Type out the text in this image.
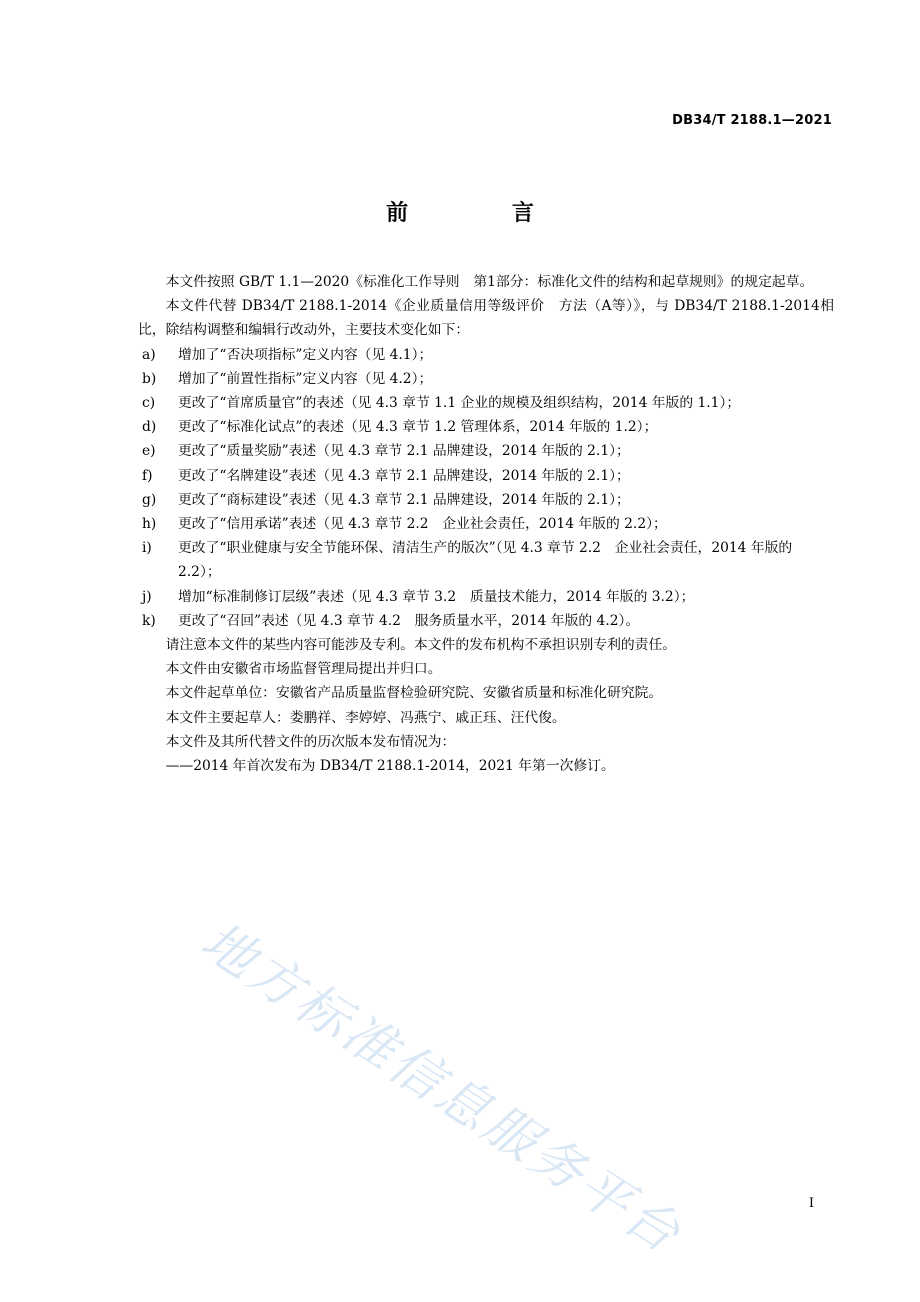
DB34/T 2188.1—2021
前 言

本文件按照 GB/T 1.1—2020《标准化工作导则　第1部分：标准化文件的结构和起草规则》的规定起草。

本文件代替 DB34/T 2188.1-2014《企业质量信用等级评价　方法（A等）》，与 DB34/T 2188.1-2014相比，除结构调整和编辑行改动外，主要技术变化如下：

a)	增加了“否决项指标”定义内容（见 4.1）；
b)	增加了“前置性指标”定义内容（见 4.2）；
c)	更改了“首席质量官”的表述（见 4.3 章节 1.1 企业的规模及组织结构，2014 年版的 1.1）；
d)	更改了“标准化试点”的表述（见 4.3 章节 1.2 管理体系，2014 年版的 1.2）；
e)	更改了“质量奖励”表述（见 4.3 章节 2.1 品牌建设，2014 年版的 2.1）；
f)	更改了“名牌建设”表述（见 4.3 章节 2.1 品牌建设，2014 年版的 2.1）；
g)	更改了“商标建设”表述（见 4.3 章节 2.1 品牌建设，2014 年版的 2.1）；
h)	更改了“信用承诺”表述（见 4.3 章节 2.2　企业社会责任，2014 年版的 2.2）；
i)	更改了“职业健康与安全节能环保、清洁生产的版次”（见 4.3 章节 2.2　企业社会责任，2014 年版的 2.2）；
j)	增加“标准制修订层级”表述（见 4.3 章节 3.2　质量技术能力，2014 年版的 3.2）；
k)	更改了“召回”表述（见 4.3 章节 4.2　服务质量水平，2014 年版的 4.2）。

请注意本文件的某些内容可能涉及专利。本文件的发布机构不承担识别专利的责任。

本文件由安徽省市场监督管理局提出并归口。

本文件起草单位：安徽省产品质量监督检验研究院、安徽省质量和标准化研究院。

本文件主要起草人：娄鹏祥、李婷婷、冯燕宁、戚正珏、汪代俊。

本文件及其所代替文件的历次版本发布情况为：

——2014 年首次发布为 DB34/T 2188.1-2014，2021 年第一次修订。

地方标准信息服务平台	I
